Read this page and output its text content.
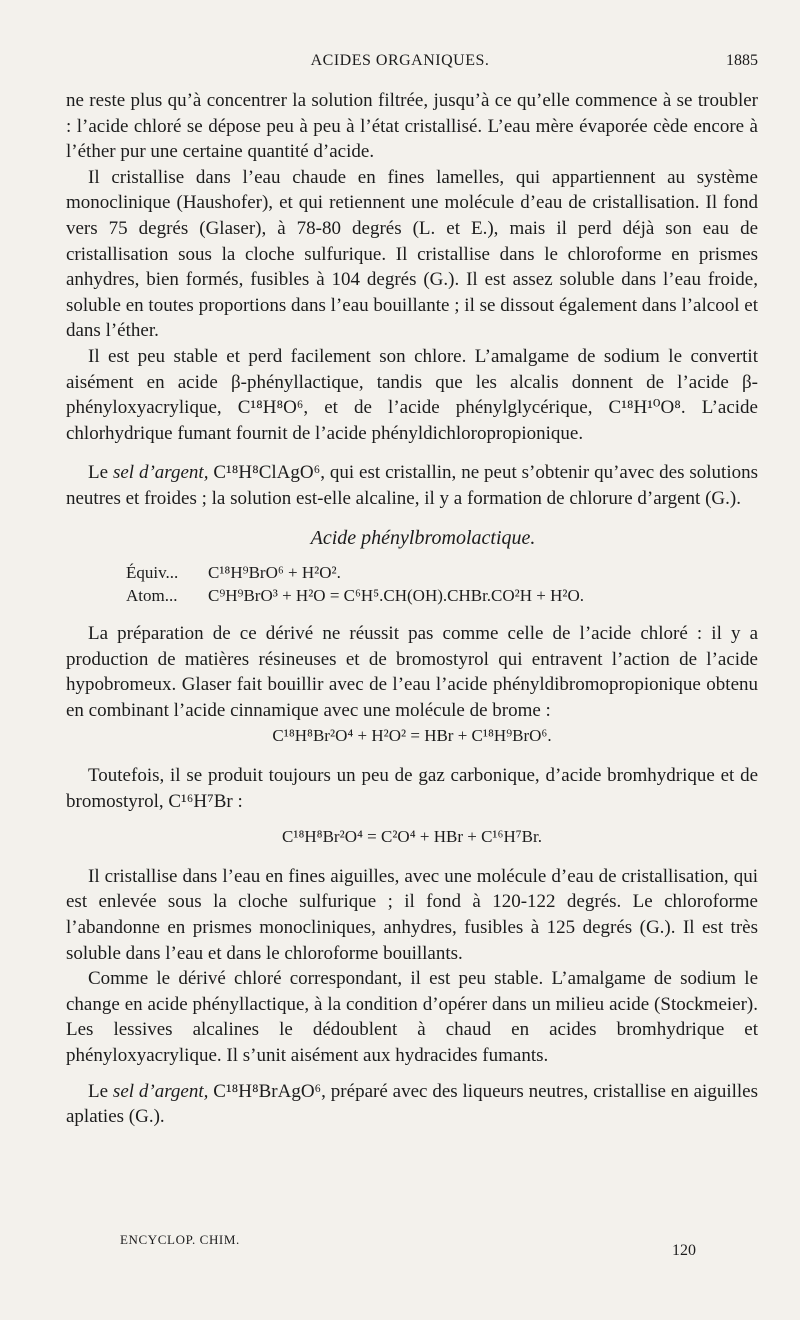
ACIDES ORGANIQUES.	1885

ne reste plus qu’à concentrer la solution filtrée, jusqu’à ce qu’elle commence à se troubler : l’acide chloré se dépose peu à peu à l’état cristallisé. L’eau mère évaporée cède encore à l’éther pur une certaine quantité d’acide.

Il cristallise dans l’eau chaude en fines lamelles, qui appartiennent au système monoclinique (Haushofer), et qui retiennent une molécule d’eau de cristallisation. Il fond vers 75 degrés (Glaser), à 78-80 degrés (L. et E.), mais il perd déjà son eau de cristallisation sous la cloche sulfurique. Il cristallise dans le chloroforme en prismes anhydres, bien formés, fusibles à 104 degrés (G.). Il est assez soluble dans l’eau froide, soluble en toutes proportions dans l’eau bouillante ; il se dissout également dans l’alcool et dans l’éther.

Il est peu stable et perd facilement son chlore. L’amalgame de sodium le convertit aisément en acide β-phényllactique, tandis que les alcalis donnent de l’acide β-phényloxyacrylique, C¹⁸H⁸O⁶, et de l’acide phénylglycérique, C¹⁸H¹⁰O⁸. L’acide chlorhydrique fumant fournit de l’acide phényldichloropropionique.

Le sel d’argent, C¹⁸H⁸ClAgO⁶, qui est cristallin, ne peut s’obtenir qu’avec des solutions neutres et froides ; la solution est-elle alcaline, il y a formation de chlorure d’argent (G.).

Acide phénylbromolactique.

Équiv...	C¹⁸H⁹BrO⁶ + H²O².
Atom...	C⁹H⁹BrO³ + H²O = C⁶H⁵.CH(OH).CHBr.CO²H + H²O.

La préparation de ce dérivé ne réussit pas comme celle de l’acide chloré : il y a production de matières résineuses et de bromostyrol qui entravent l’action de l’acide hypobromeux. Glaser fait bouillir avec de l’eau l’acide phényldibromopropionique obtenu en combinant l’acide cinnamique avec une molécule de brome :

C¹⁸H⁸Br²O⁴ + H²O² = HBr + C¹⁸H⁹BrO⁶.

Toutefois, il se produit toujours un peu de gaz carbonique, d’acide bromhydrique et de bromostyrol, C¹⁶H⁷Br :

C¹⁸H⁸Br²O⁴ = C²O⁴ + HBr + C¹⁶H⁷Br.

Il cristallise dans l’eau en fines aiguilles, avec une molécule d’eau de cristallisation, qui est enlevée sous la cloche sulfurique ; il fond à 120-122 degrés. Le chloroforme l’abandonne en prismes monocliniques, anhydres, fusibles à 125 degrés (G.). Il est très soluble dans l’eau et dans le chloroforme bouillants.

Comme le dérivé chloré correspondant, il est peu stable. L’amalgame de sodium le change en acide phényllactique, à la condition d’opérer dans un milieu acide (Stockmeier). Les lessives alcalines le dédoublent à chaud en acides bromhydrique et phényloxyacrylique. Il s’unit aisément aux hydracides fumants.

Le sel d’argent, C¹⁸H⁸BrAgO⁶, préparé avec des liqueurs neutres, cristallise en aiguilles aplaties (G.).

ENCYCLOP. CHIM.
120
